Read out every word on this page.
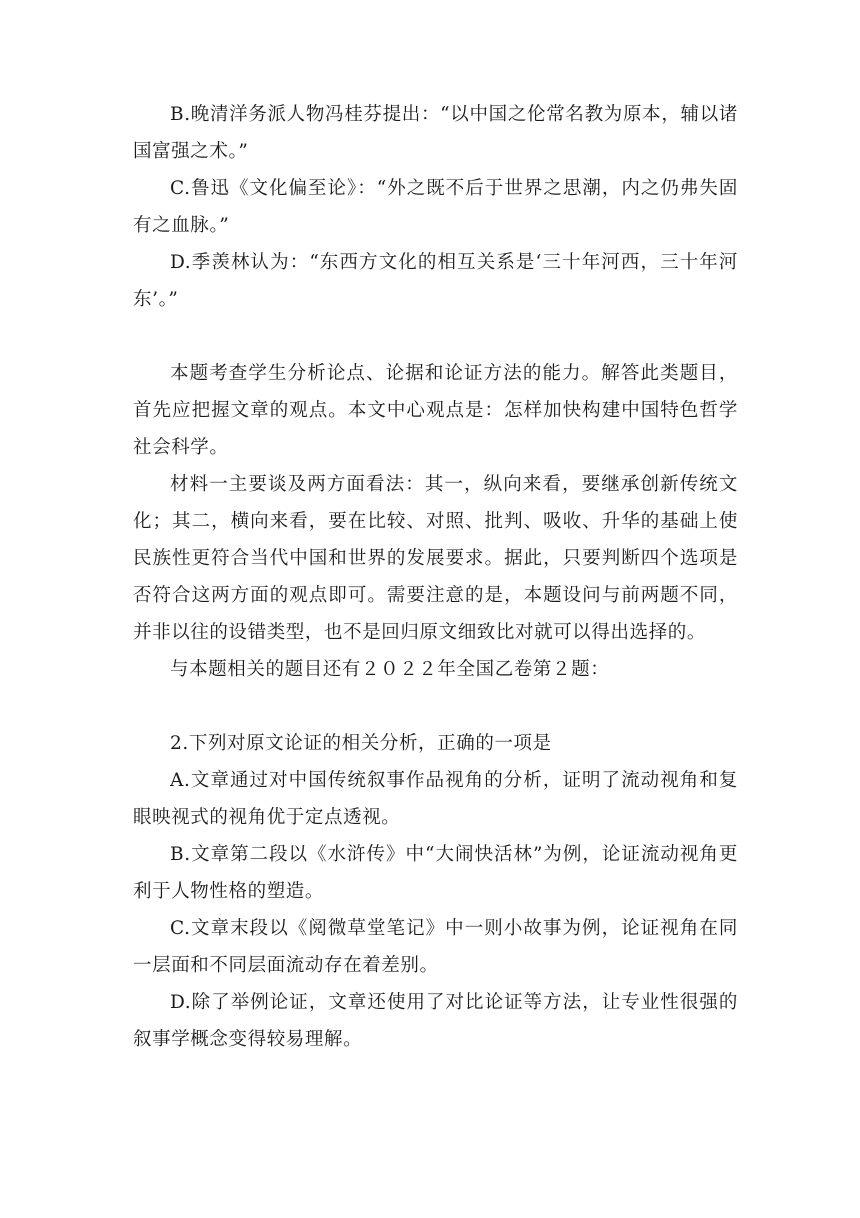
B.晚清洋务派人物冯桂芬提出：“以中国之伦常名教为原本，辅以诸国富强之术。”

C.鲁迅《文化偏至论》：“外之既不后于世界之思潮，内之仍弗失固有之血脉。”

D.季羡林认为：“东西方文化的相互关系是‘三十年河西，三十年河东’。”

本题考查学生分析论点、论据和论证方法的能力。解答此类题目，首先应把握文章的观点。本文中心观点是：怎样加快构建中国特色哲学社会科学。

材料一主要谈及两方面看法：其一，纵向来看，要继承创新传统文化；其二，横向来看，要在比较、对照、批判、吸收、升华的基础上使民族性更符合当代中国和世界的发展要求。据此，只要判断四个选项是否符合这两方面的观点即可。需要注意的是，本题设问与前两题不同，并非以往的设错类型，也不是回归原文细致比对就可以得出选择的。

与本题相关的题目还有２０２２年全国乙卷第２题：

2.下列对原文论证的相关分析，正确的一项是

A.文章通过对中国传统叙事作品视角的分析，证明了流动视角和复眼映视式的视角优于定点透视。

B.文章第二段以《水浒传》中“大闹快活林”为例，论证流动视角更利于人物性格的塑造。

C.文章末段以《阅微草堂笔记》中一则小故事为例，论证视角在同一层面和不同层面流动存在着差别。

D.除了举例论证，文章还使用了对比论证等方法，让专业性很强的叙事学概念变得较易理解。
